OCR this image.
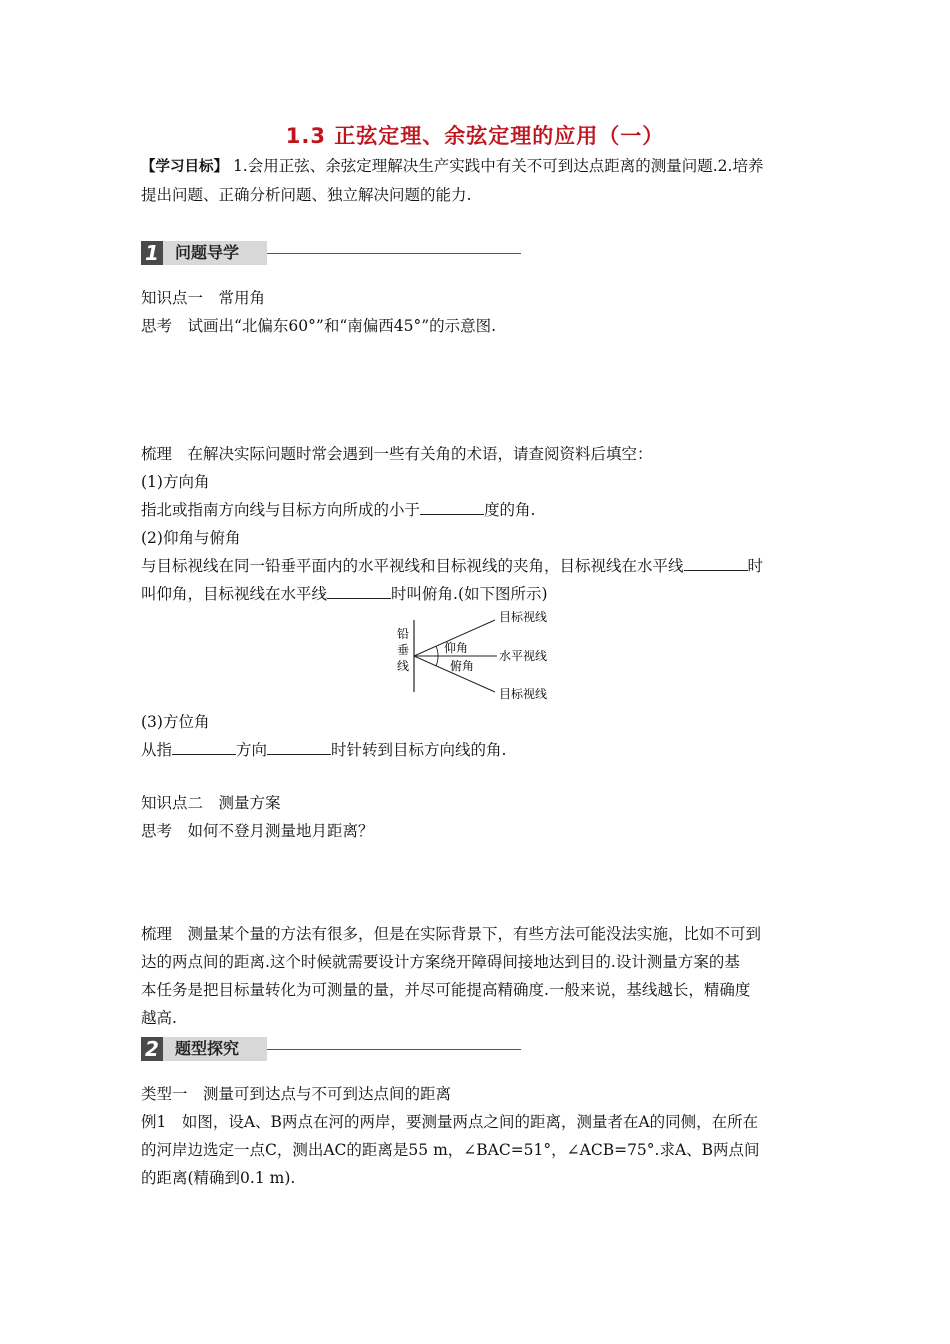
1.3 正弦定理、余弦定理的应用（一）
【学习目标】 1.会用正弦、余弦定理解决生产实践中有关不可到达点距离的测量问题.2.培养
提出问题、正确分析问题、独立解决问题的能力.
1	问题导学
知识点一　常用角
思考　试画出“北偏东60°”和“南偏西45°”的示意图.
梳理　在解决实际问题时常会遇到一些有关角的术语，请查阅资料后填空：
(1)方向角
指北或指南方向线与目标方向所成的小于	度的角.
(2)仰角与俯角
与目标视线在同一铅垂平面内的水平视线和目标视线的夹角，目标视线在水平线	时
叫仰角，目标视线在水平线	时叫俯角.(如下图所示)
铅
垂
线
仰角
俯角
目标视线
水平视线
目标视线
(3)方位角
从指	方向	时针转到目标方向线的角.
知识点二　测量方案
思考　如何不登月测量地月距离？
梳理　测量某个量的方法有很多，但是在实际背景下，有些方法可能没法实施，比如不可到
达的两点间的距离.这个时候就需要设计方案绕开障碍间接地达到目的.设计测量方案的基
本任务是把目标量转化为可测量的量，并尽可能提高精确度.一般来说，基线越长，精确度
越高.
2	题型探究
类型一　测量可到达点与不可到达点间的距离
例1　如图，设A、B两点在河的两岸，要测量两点之间的距离，测量者在A的同侧，在所在
的河岸边选定一点C，测出AC的距离是55 m，∠BAC=51°，∠ACB=75°.求A、B两点间
的距离(精确到0.1 m).
